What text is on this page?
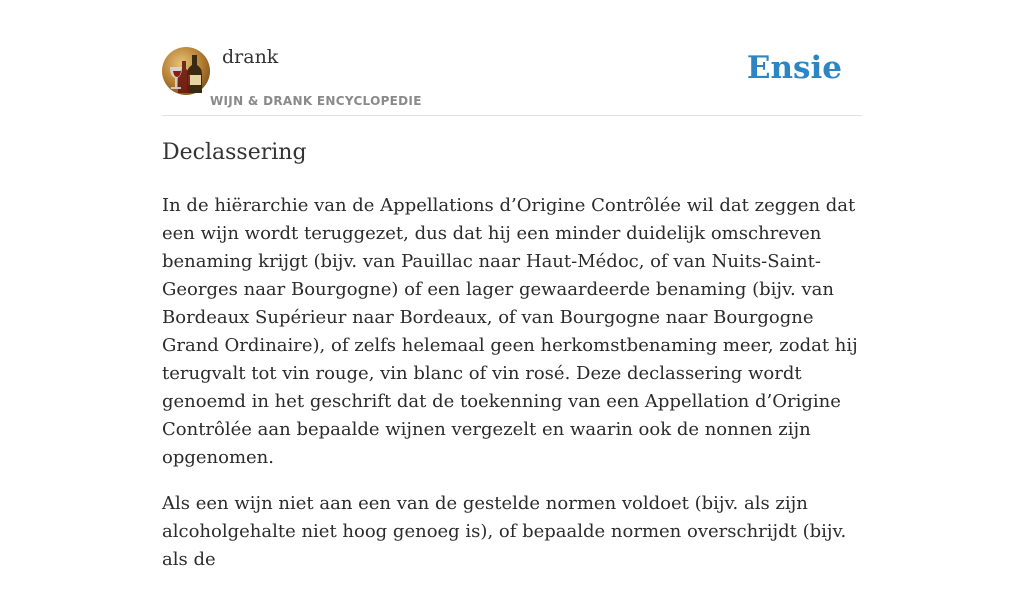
drank

WIJN & DRANK ENCYCLOPEDIE

Ensie

Declassering

In de hiërarchie van de Appellations d’Origine Contrôlée wil dat zeggen dat een wijn wordt teruggezet, dus dat hij een minder duidelijk omschreven benaming krijgt (bijv. van Pauillac naar Haut-Médoc, of van Nuits-Saint-Georges naar Bourgogne) of een lager gewaardeerde benaming (bijv. van Bordeaux Supérieur naar Bordeaux, of van Bourgogne naar Bourgogne Grand Ordinaire), of zelfs helemaal geen herkomstbenaming meer, zodat hij terugvalt tot vin rouge, vin blanc of vin rosé. Deze declassering wordt genoemd in het geschrift dat de toekenning van een Appellation d’Origine Contrôlée aan bepaalde wijnen vergezelt en waarin ook de nonnen zijn opgenomen.

Als een wijn niet aan een van de gestelde normen voldoet (bijv. als zijn alcoholgehalte niet hoog genoeg is), of bepaalde normen overschrijdt (bijv. als de
